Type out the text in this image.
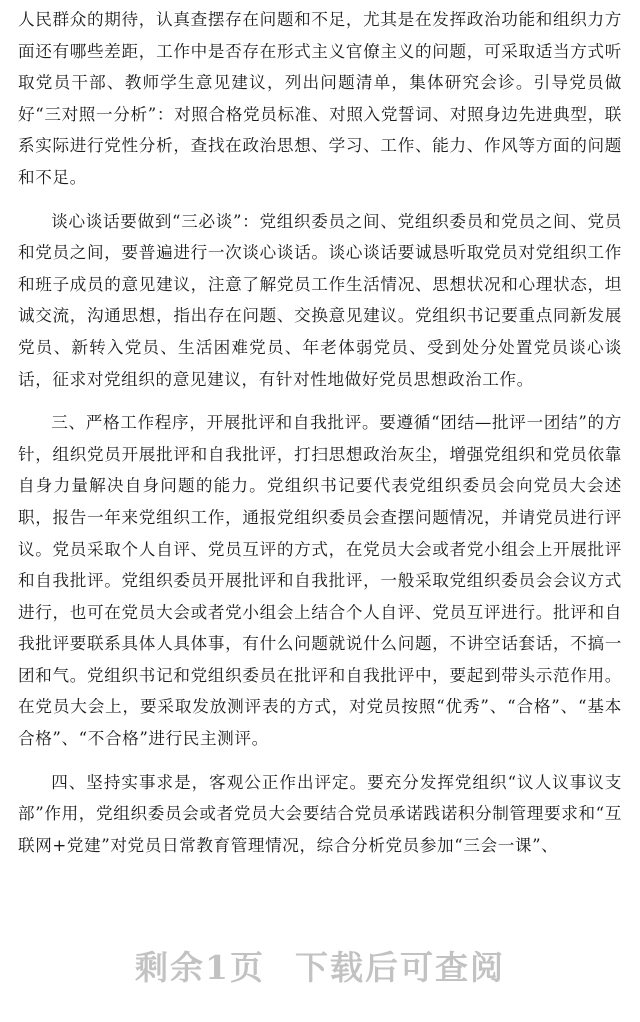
人民群众的期待，认真查摆存在问题和不足，尤其是在发挥政治功能和组织力方面还有哪些差距，工作中是否存在形式主义官僚主义的问题，可采取适当方式听取党员干部、教师学生意见建议，列出问题清单，集体研究会诊。引导党员做好“三对照一分析”：对照合格党员标准、对照入党誓词、对照身边先进典型，联系实际进行党性分析，查找在政治思想、学习、工作、能力、作风等方面的问题和不足。

谈心谈话要做到“三必谈”：党组织委员之间、党组织委员和党员之间、党员和党员之间，要普遍进行一次谈心谈话。谈心谈话要诚恳听取党员对党组织工作和班子成员的意见建议，注意了解党员工作生活情况、思想状况和心理状态，坦诚交流，沟通思想，指出存在问题、交换意见建议。党组织书记要重点同新发展党员、新转入党员、生活困难党员、年老体弱党员、受到处分处置党员谈心谈话，征求对党组织的意见建议，有针对性地做好党员思想政治工作。

三、严格工作程序，开展批评和自我批评。要遵循“团结—批评一团结”的方针，组织党员开展批评和自我批评，打扫思想政治灰尘，增强党组织和党员依靠自身力量解决自身问题的能力。党组织书记要代表党组织委员会向党员大会述职，报告一年来党组织工作，通报党组织委员会查摆问题情况，并请党员进行评议。党员采取个人自评、党员互评的方式，在党员大会或者党小组会上开展批评和自我批评。党组织委员开展批评和自我批评，一般采取党组织委员会会议方式进行，也可在党员大会或者党小组会上结合个人自评、党员互评进行。批评和自我批评要联系具体人具体事，有什么问题就说什么问题，不讲空话套话，不搞一团和气。党组织书记和党组织委员在批评和自我批评中，要起到带头示范作用。在党员大会上，要采取发放测评表的方式，对党员按照“优秀”、“合格”、“基本合格”、“不合格”进行民主测评。

四、坚持实事求是，客观公正作出评定。要充分发挥党组织“议人议事议支部”作用，党组织委员会或者党员大会要结合党员承诺践诺积分制管理要求和“互联网+党建”对党员日常教育管理情况，综合分析党员参加“三会一课”、

剩余1页 下载后可查阅
